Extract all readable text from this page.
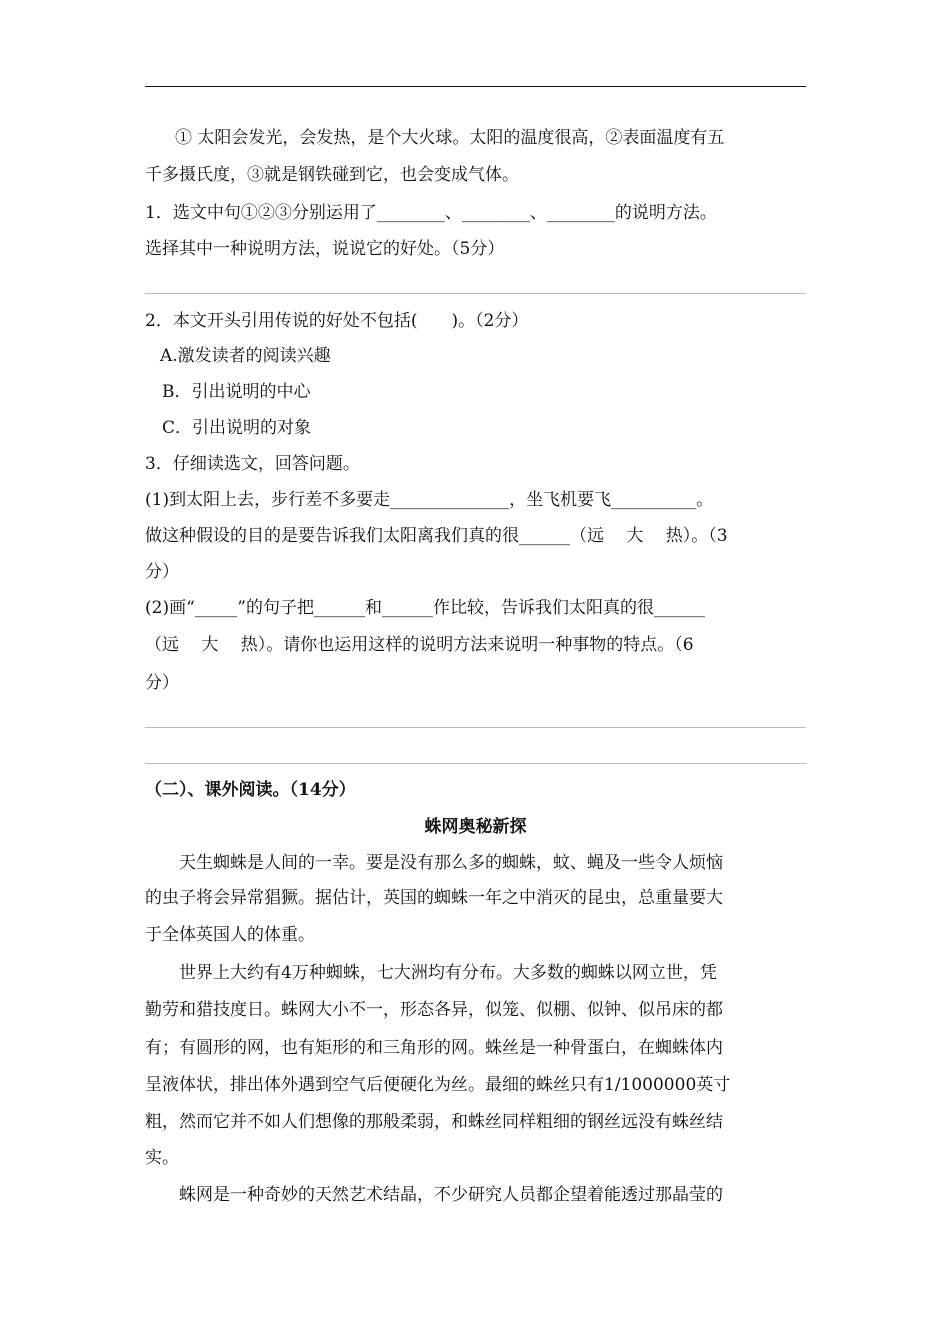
① 太阳会发光，会发热，是个大火球。太阳的温度很高，②表面温度有五
千多摄氏度，③就是钢铁碰到它，也会变成气体。
1．选文中句①②③分别运用了________、________、________的说明方法。
选择其中一种说明方法，说说它的好处。（5分）
2．本文开头引用传说的好处不包括(　　)。（2分）
A.激发读者的阅读兴趣
B．引出说明的中心
C．引出说明的对象
3．仔细读选文，回答问题。
(1)到太阳上去，步行差不多要走______________，坐飞机要飞__________。
做这种假设的目的是要告诉我们太阳离我们真的很______（远　 大　 热）。（3
分）
(2)画“_____”的句子把______和______作比较，告诉我们太阳真的很______
（远　 大　 热）。请你也运用这样的说明方法来说明一种事物的特点。（6
分）
（二）、课外阅读。（14分）
蛛网奥秘新探
　　天生蜘蛛是人间的一幸。要是没有那么多的蜘蛛，蚊、蝇及一些令人烦恼
的虫子将会异常猖獗。据估计，英国的蜘蛛一年之中消灭的昆虫，总重量要大
于全体英国人的体重。
　　世界上大约有4万种蜘蛛，七大洲均有分布。大多数的蜘蛛以网立世，凭
勤劳和猎技度日。蛛网大小不一，形态各异，似笼、似棚、似钟、似吊床的都
有；有圆形的网，也有矩形的和三角形的网。蛛丝是一种骨蛋白，在蜘蛛体内
呈液体状，排出体外遇到空气后便硬化为丝。最细的蛛丝只有1/1000000英寸
粗，然而它并不如人们想像的那般柔弱，和蛛丝同样粗细的钢丝远没有蛛丝结
实。
　　蛛网是一种奇妙的天然艺术结晶，不少研究人员都企望着能透过那晶莹的
